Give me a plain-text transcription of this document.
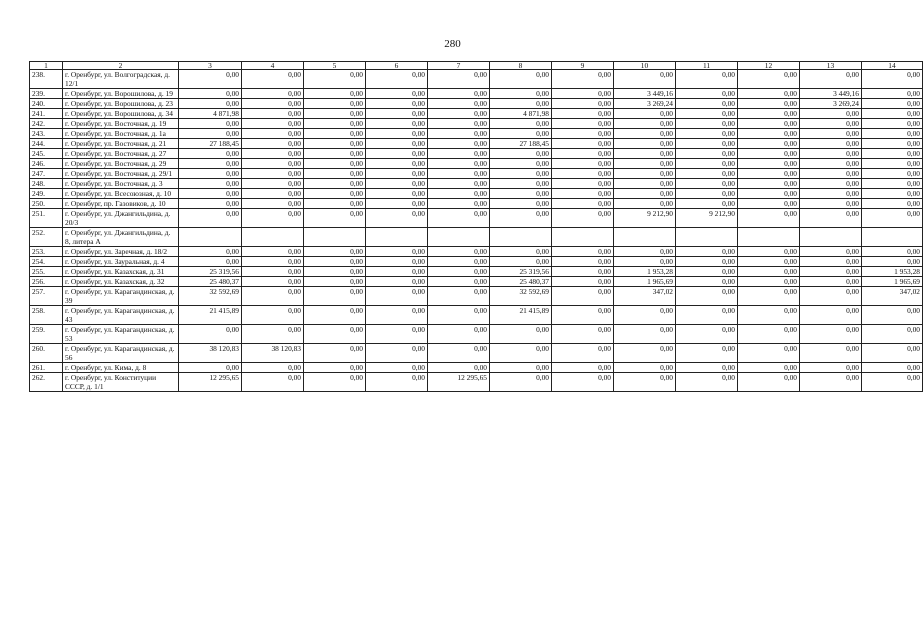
280
1	2	3	4	5	6	7	8	9	10	11	12	13	14
238.	г. Оренбург, ул. Волгоградская, д. 12/1	0,00	0,00	0,00	0,00	0,00	0,00	0,00	0,00	0,00	0,00	0,00	0,00
239.	г. Оренбург, ул. Ворошилова, д. 19	0,00	0,00	0,00	0,00	0,00	0,00	0,00	3 449,16	0,00	0,00	3 449,16	0,00
240.	г. Оренбург, ул. Ворошилова, д. 23	0,00	0,00	0,00	0,00	0,00	0,00	0,00	3 269,24	0,00	0,00	3 269,24	0,00
241.	г. Оренбург, ул. Ворошилова, д. 34	4 871,98	0,00	0,00	0,00	0,00	4 871,98	0,00	0,00	0,00	0,00	0,00	0,00
242.	г. Оренбург, ул. Восточная, д. 19	0,00	0,00	0,00	0,00	0,00	0,00	0,00	0,00	0,00	0,00	0,00	0,00
243.	г. Оренбург, ул. Восточная, д. 1а	0,00	0,00	0,00	0,00	0,00	0,00	0,00	0,00	0,00	0,00	0,00	0,00
244.	г. Оренбург, ул. Восточная, д. 21	27 188,45	0,00	0,00	0,00	0,00	27 188,45	0,00	0,00	0,00	0,00	0,00	0,00
245.	г. Оренбург, ул. Восточная, д. 27	0,00	0,00	0,00	0,00	0,00	0,00	0,00	0,00	0,00	0,00	0,00	0,00
246.	г. Оренбург, ул. Восточная, д. 29	0,00	0,00	0,00	0,00	0,00	0,00	0,00	0,00	0,00	0,00	0,00	0,00
247.	г. Оренбург, ул. Восточная, д. 29/1	0,00	0,00	0,00	0,00	0,00	0,00	0,00	0,00	0,00	0,00	0,00	0,00
248.	г. Оренбург, ул. Восточная, д. 3	0,00	0,00	0,00	0,00	0,00	0,00	0,00	0,00	0,00	0,00	0,00	0,00
249.	г. Оренбург, ул. Всесоюзная, д. 10	0,00	0,00	0,00	0,00	0,00	0,00	0,00	0,00	0,00	0,00	0,00	0,00
250.	г. Оренбург, пр. Газовиков, д. 10	0,00	0,00	0,00	0,00	0,00	0,00	0,00	0,00	0,00	0,00	0,00	0,00
251.	г. Оренбург, ул. Джангильдина, д. 20/3	0,00	0,00	0,00	0,00	0,00	0,00	0,00	9 212,90	9 212,90	0,00	0,00	0,00
252.	г. Оренбург, ул. Джангильдина, д. 8, литера А												
253.	г. Оренбург, ул. Заречная, д. 18/2	0,00	0,00	0,00	0,00	0,00	0,00	0,00	0,00	0,00	0,00	0,00	0,00
254.	г. Оренбург, ул. Зауральная, д. 4	0,00	0,00	0,00	0,00	0,00	0,00	0,00	0,00	0,00	0,00	0,00	0,00
255.	г. Оренбург, ул. Казахская, д. 31	25 319,56	0,00	0,00	0,00	0,00	25 319,56	0,00	1 953,28	0,00	0,00	0,00	1 953,28
256.	г. Оренбург, ул. Казахская, д. 32	25 480,37	0,00	0,00	0,00	0,00	25 480,37	0,00	1 965,69	0,00	0,00	0,00	1 965,69
257.	г. Оренбург, ул. Карагандинская, д. 39	32 592,69	0,00	0,00	0,00	0,00	32 592,69	0,00	347,02	0,00	0,00	0,00	347,02
258.	г. Оренбург, ул. Карагандинская, д. 43	21 415,89	0,00	0,00	0,00	0,00	21 415,89	0,00	0,00	0,00	0,00	0,00	0,00
259.	г. Оренбург, ул. Карагандинская, д. 53	0,00	0,00	0,00	0,00	0,00	0,00	0,00	0,00	0,00	0,00	0,00	0,00
260.	г. Оренбург, ул. Карагандинская, д. 56	38 120,83	38 120,83	0,00	0,00	0,00	0,00	0,00	0,00	0,00	0,00	0,00	0,00
261.	г. Оренбург, ул. Кима, д. 8	0,00	0,00	0,00	0,00	0,00	0,00	0,00	0,00	0,00	0,00	0,00	0,00
262.	г. Оренбург, ул. Конституции СССР, д. 1/1	12 295,65	0,00	0,00	0,00	12 295,65	0,00	0,00	0,00	0,00	0,00	0,00	0,00
